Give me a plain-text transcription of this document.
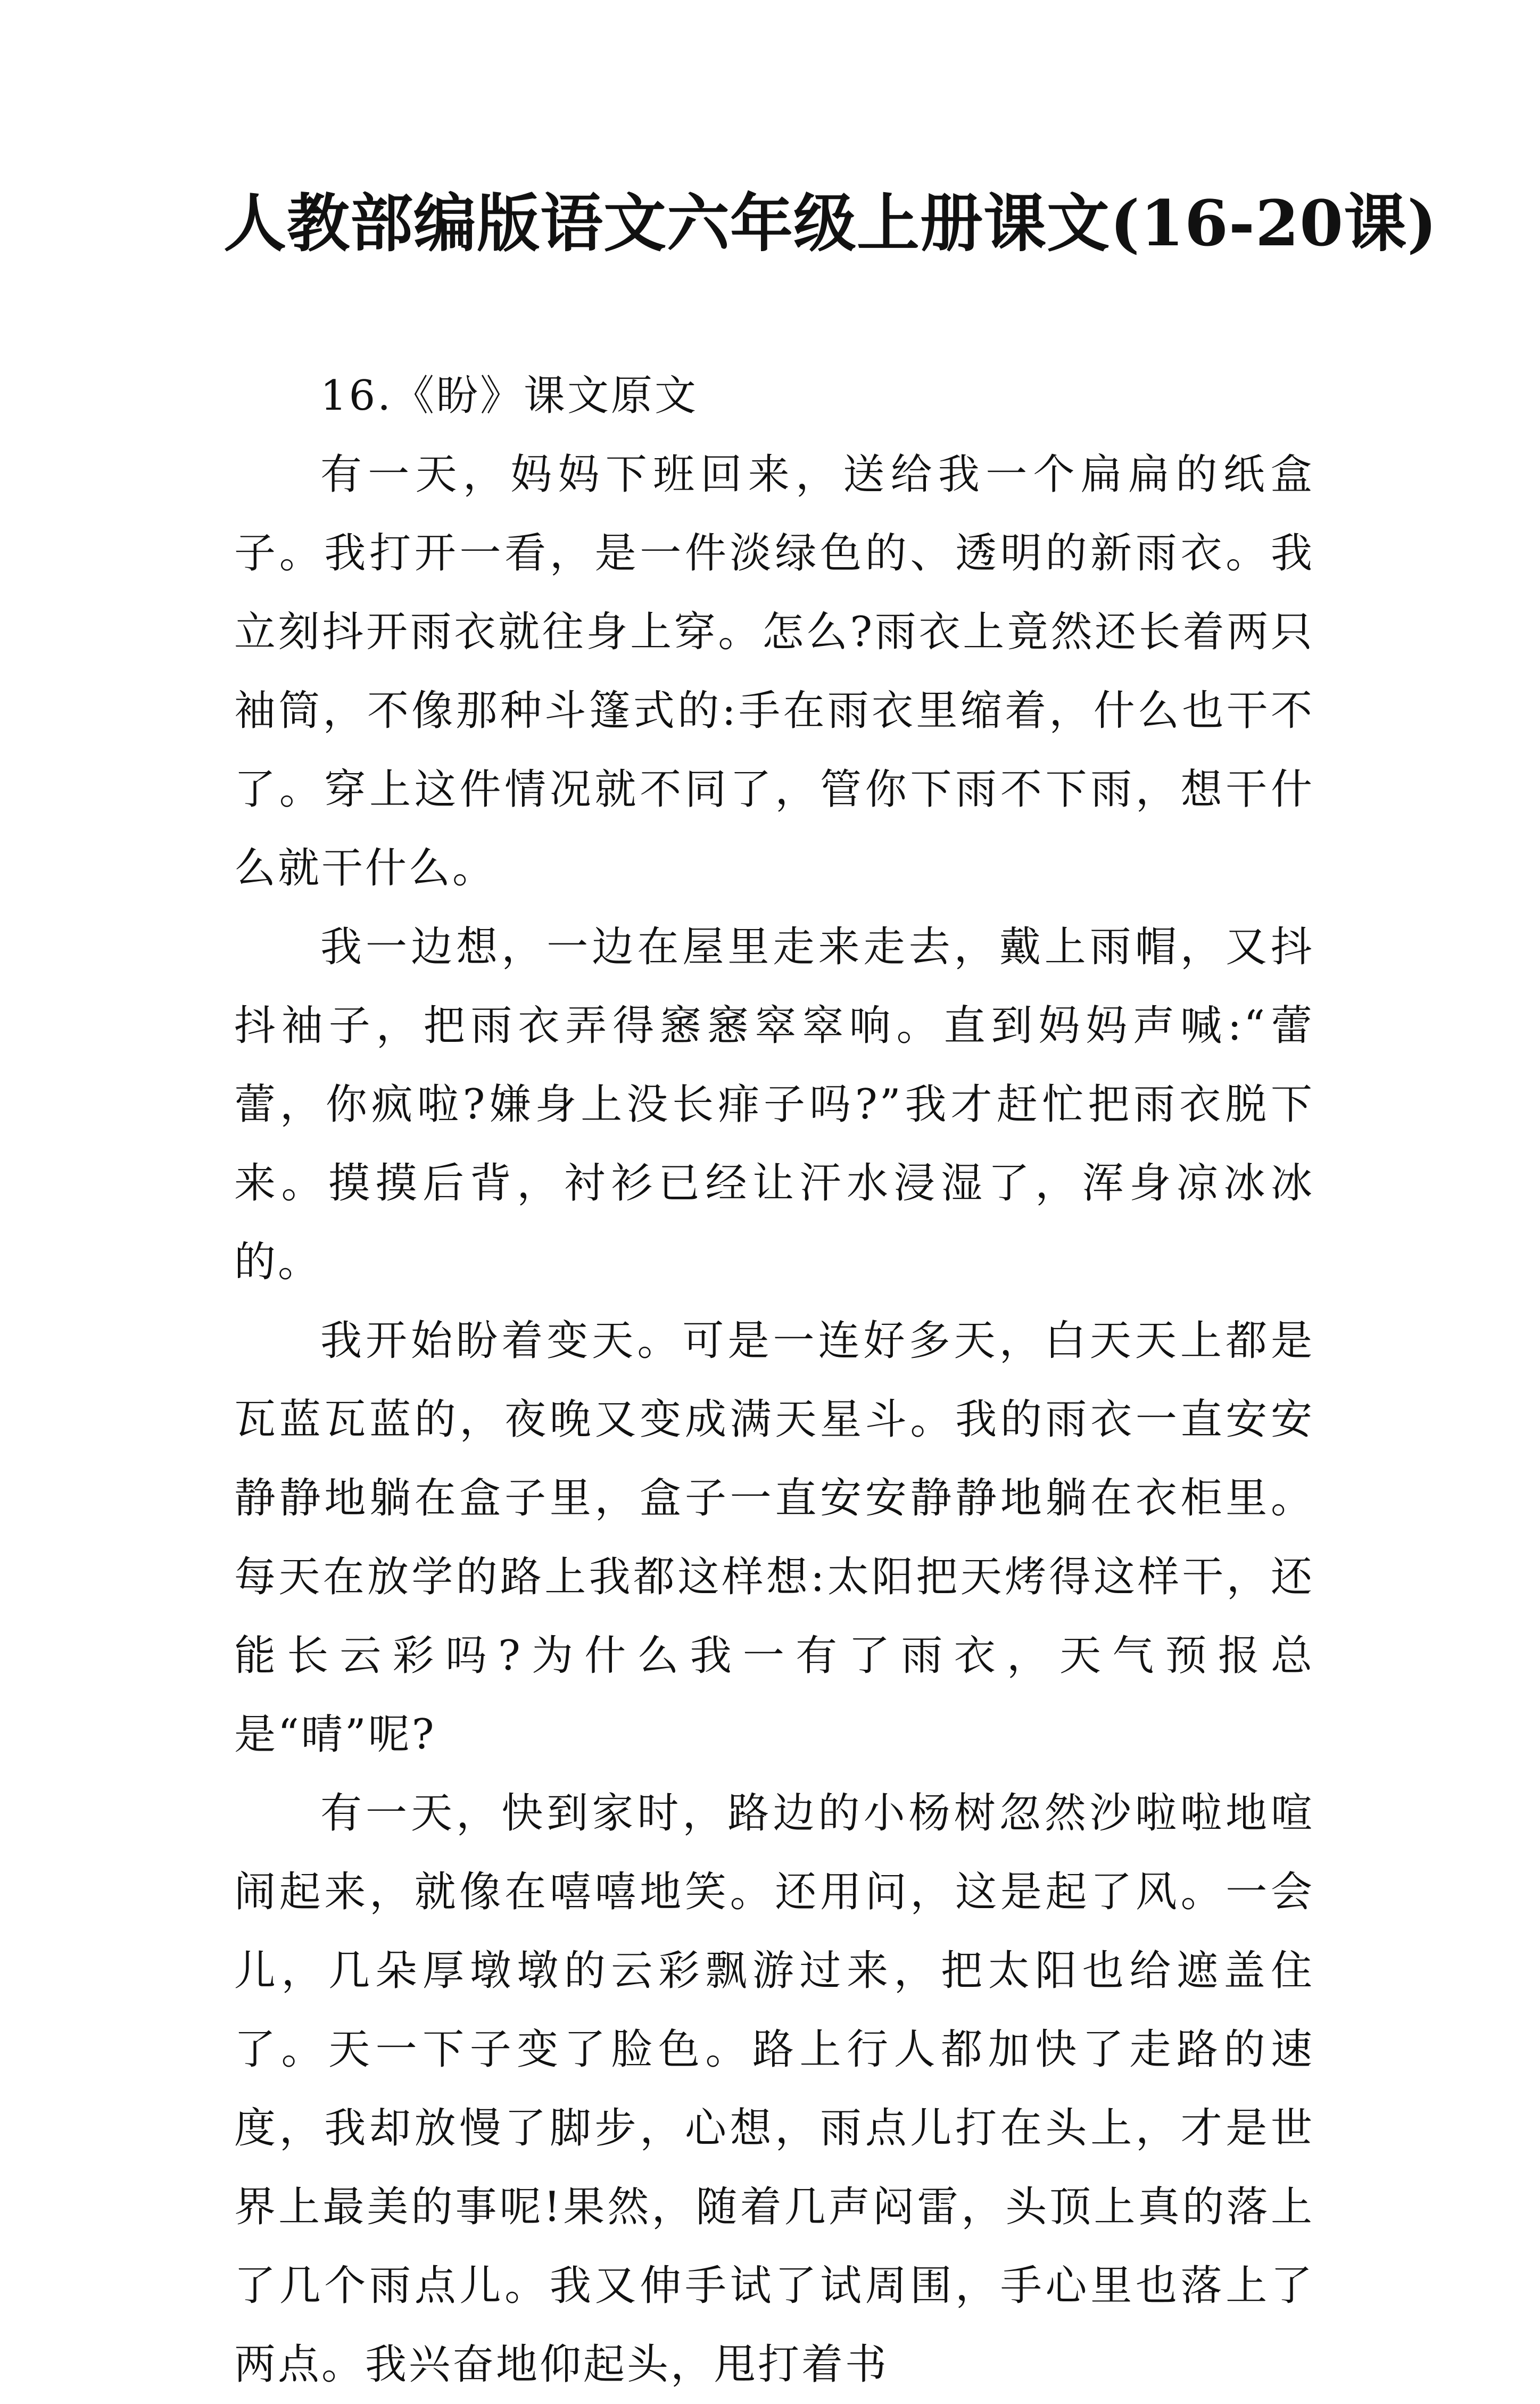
人教部编版语文六年级上册课文(16-20课)

16.《盼》课文原文

有一天，妈妈下班回来，送给我一个扁扁的纸盒子。我打开一看，是一件淡绿色的、透明的新雨衣。我立刻抖开雨衣就往身上穿。怎么?雨衣上竟然还长着两只袖筒，不像那种斗篷式的:手在雨衣里缩着，什么也干不了。穿上这件情况就不同了，管你下雨不下雨，想干什么就干什么。

我一边想，一边在屋里走来走去，戴上雨帽，又抖抖袖子，把雨衣弄得窸窸窣窣响。直到妈妈声喊:“蕾蕾，你疯啦?嫌身上没长痱子吗?”我才赶忙把雨衣脱下来。摸摸后背，衬衫已经让汗水浸湿了，浑身凉冰冰的。

我开始盼着变天。可是一连好多天，白天天上都是瓦蓝瓦蓝的，夜晚又变成满天星斗。我的雨衣一直安安静静地躺在盒子里，盒子一直安安静静地躺在衣柜里。每天在放学的路上我都这样想:太阳把天烤得这样干，还能长云彩吗?为什么我一有了雨衣，天气预报总是“晴”呢?

有一天，快到家时，路边的小杨树忽然沙啦啦地喧闹起来，就像在嘻嘻地笑。还用问，这是起了风。一会儿，几朵厚墩墩的云彩飘游过来，把太阳也给遮盖住了。天一下子变了脸色。路上行人都加快了走路的速度，我却放慢了脚步，心想，雨点儿打在头上，才是世界上最美的事呢!果然，随着几声闷雷，头顶上真的落上了几个雨点儿。我又伸手试了试周围，手心里也落上了两点。我兴奋地仰起头，甩打着书
